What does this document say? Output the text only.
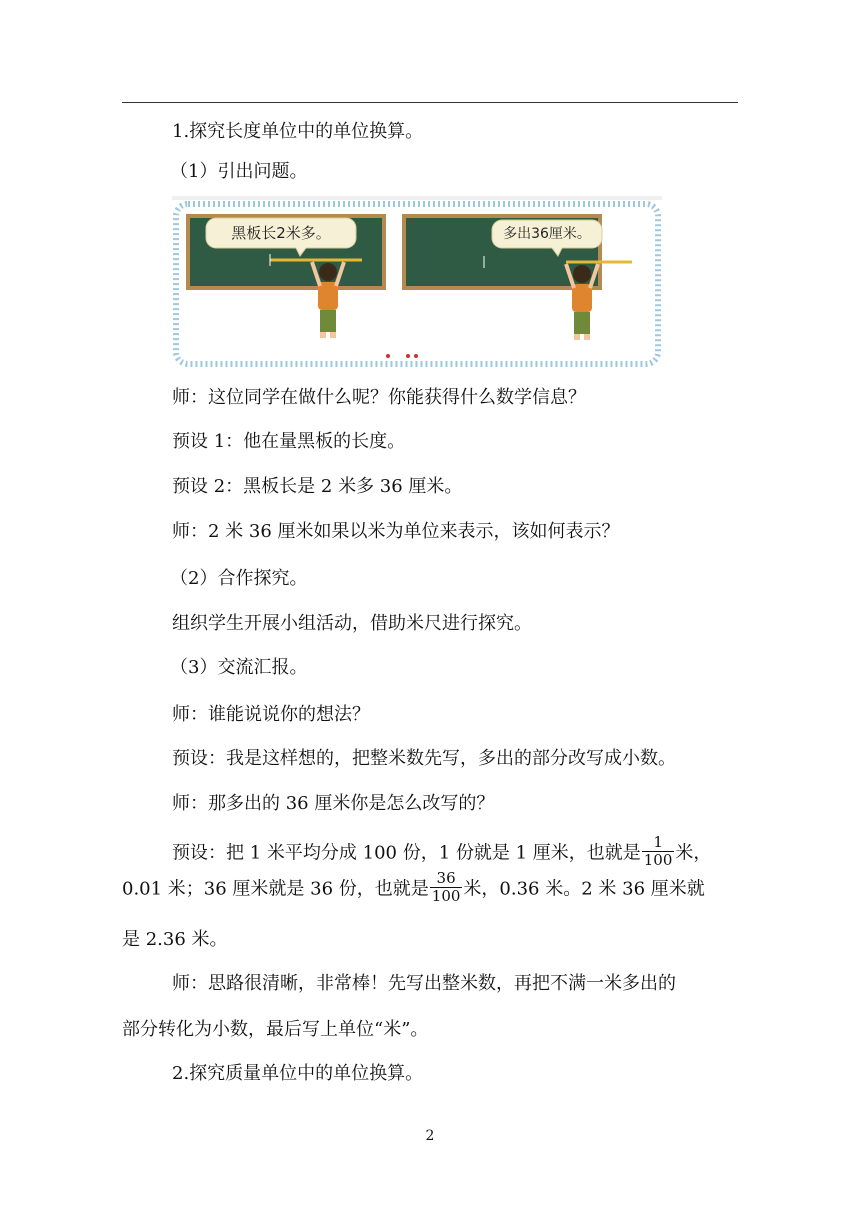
1.探究长度单位中的单位换算。
（1）引出问题。
黑板长2米多。	多出36厘米。
师：这位同学在做什么呢？你能获得什么数学信息？
预设 1：他在量黑板的长度。
预设 2：黑板长是 2 米多 36 厘米。
师：2 米 36 厘米如果以米为单位来表示，该如何表示？
（2）合作探究。
组织学生开展小组活动，借助米尺进行探究。
（3）交流汇报。
师：谁能说说你的想法？
预设：我是这样想的，把整米数先写，多出的部分改写成小数。
师：那多出的 36 厘米你是怎么改写的？
预设：把 1 米平均分成 100 份，1 份就是 1 厘米，也就是 $\frac{1}{100}$ 米，
0.01 米；36 厘米就是 36 份，也就是 $\frac{36}{100}$ 米，0.36 米。2 米 36 厘米就
是 2.36 米。
师：思路很清晰，非常棒！先写出整米数，再把不满一米多出的
部分转化为小数，最后写上单位“米”。
2.探究质量单位中的单位换算。
2
